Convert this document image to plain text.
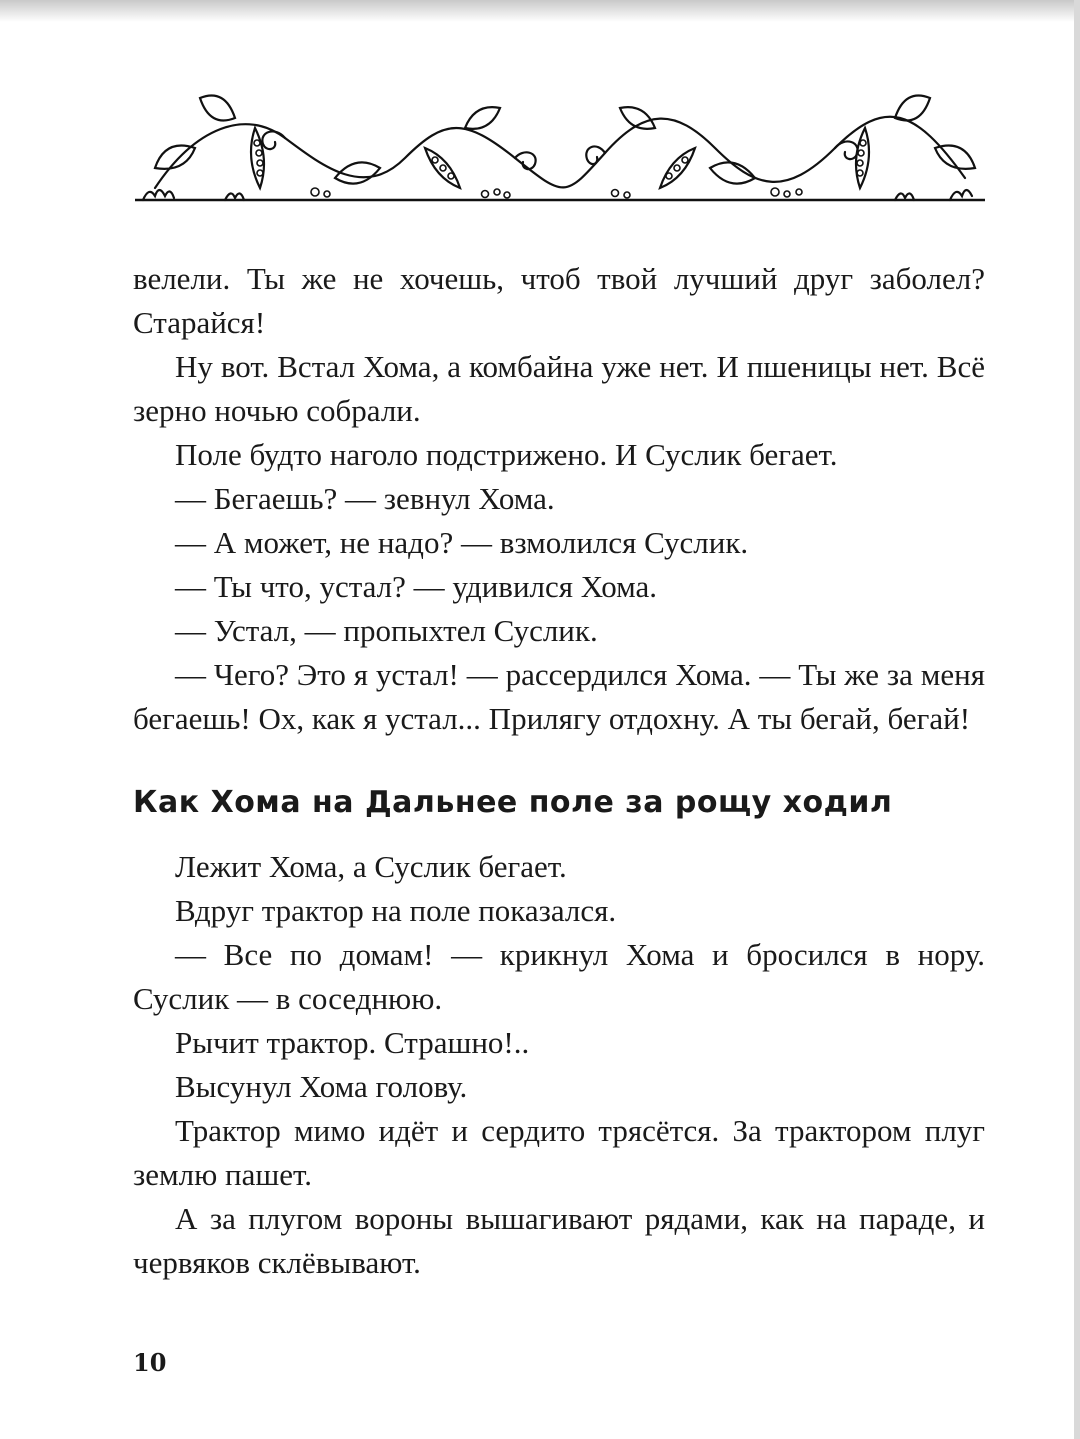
велели. Ты же не хочешь, чтоб твой лучший друг заболел? Старайся!

Ну вот. Встал Хома, а комбайна уже нет. И пшеницы нет. Всё зерно ночью собрали.

Поле будто наголо подстрижено. И Суслик бегает.

— Бегаешь? — зевнул Хома.

— А может, не надо? — взмолился Суслик.

— Ты что, устал? — удивился Хома.

— Устал, — пропыхтел Суслик.

— Чего? Это я устал! — рассердился Хома. — Ты же за меня бегаешь! Ох, как я устал... Прилягу отдохну. А ты бегай, бегай!

Как Хома на Дальнее поле за рощу ходил

Лежит Хома, а Суслик бегает.

Вдруг трактор на поле показался.

— Все по домам! — крикнул Хома и бросился в нору. Суслик — в соседнюю.

Рычит трактор. Страшно!..

Высунул Хома голову.

Трактор мимо идёт и сердито трясётся. За трактором плуг землю пашет.

А за плугом вороны вышагивают рядами, как на параде, и червяков склёвывают.

10
